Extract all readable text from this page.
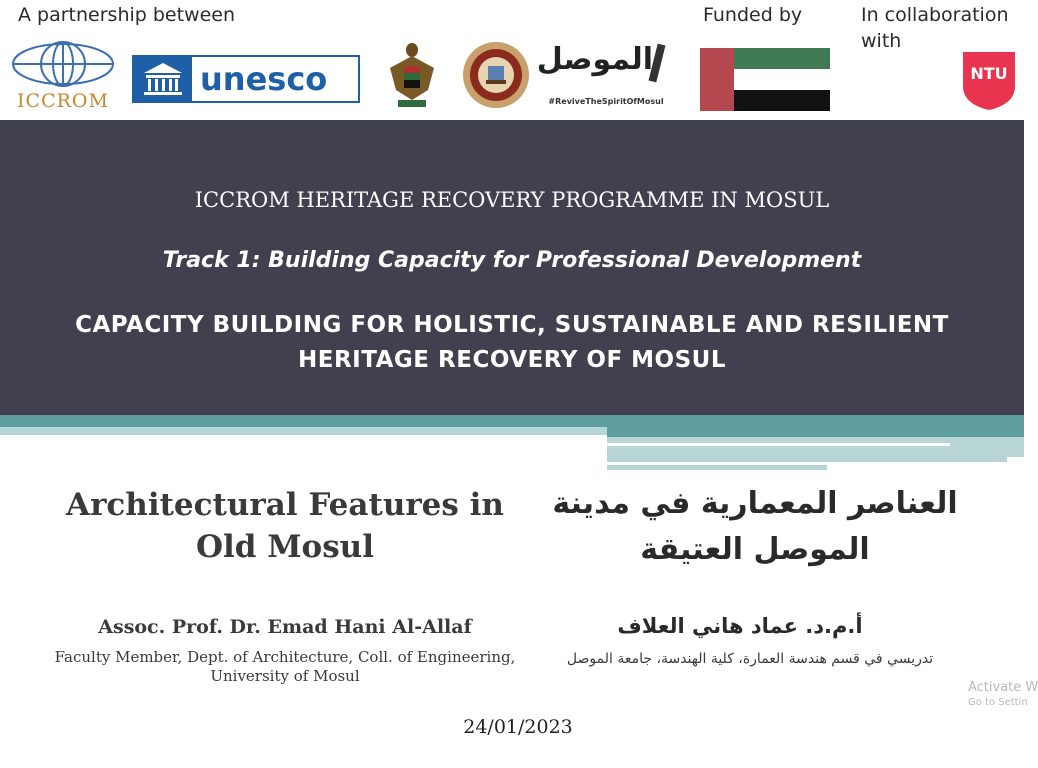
A partnership between	Funded by	In collaboration
with
ICCROM
unesco
الموصل
#ReviveTheSpiritOfMosul
NTU
ICCROM HERITAGE RECOVERY PROGRAMME IN MOSUL
Track 1: Building Capacity for Professional Development
CAPACITY BUILDING FOR HOLISTIC, SUSTAINABLE AND RESILIENT
HERITAGE RECOVERY OF MOSUL
Architectural Features in
Old Mosul
العناصر المعمارية في مدينة
الموصل العتيقة
Assoc. Prof. Dr. Emad Hani Al-Allaf
Faculty Member, Dept. of Architecture, Coll. of Engineering,
University of Mosul
أ.م.د. عماد هاني العلاف
تدريسي في قسم هندسة العمارة، كلية الهندسة، جامعة الموصل
24/01/2023
Activate W
Go to Settin
